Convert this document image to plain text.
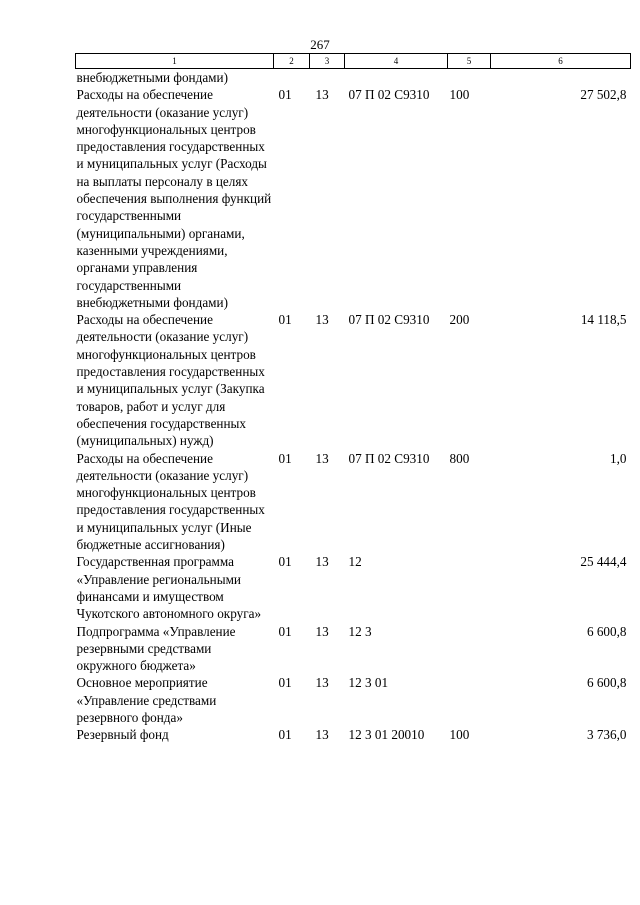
267
1	2	3	4	5	6
внебюджетными фондами)					
Расходы на обеспечение деятельности (оказание услуг) многофункциональных центров предоставления государственных и муниципальных услуг (Расходы на выплаты персоналу в целях обеспечения выполнения функций государственными (муниципальными) органами, казенными учреждениями, органами управления государственными внебюджетными фондами)	01	13	07 П 02 С9310	100	27 502,8
Расходы на обеспечение деятельности (оказание услуг) многофункциональных центров предоставления государственных и муниципальных услуг (Закупка товаров, работ и услуг для обеспечения государственных (муниципальных) нужд)	01	13	07 П 02 С9310	200	14 118,5
Расходы на обеспечение деятельности (оказание услуг) многофункциональных центров предоставления государственных и муниципальных услуг (Иные бюджетные ассигнования)	01	13	07 П 02 С9310	800	1,0
Государственная программа «Управление региональными финансами и имуществом Чукотского автономного округа»	01	13	12		25 444,4
Подпрограмма «Управление резервными средствами окружного бюджета»	01	13	12 3		6 600,8
Основное мероприятие «Управление средствами резервного фонда»	01	13	12 3 01		6 600,8
Резервный фонд	01	13	12 3 01 20010	100	3 736,0
